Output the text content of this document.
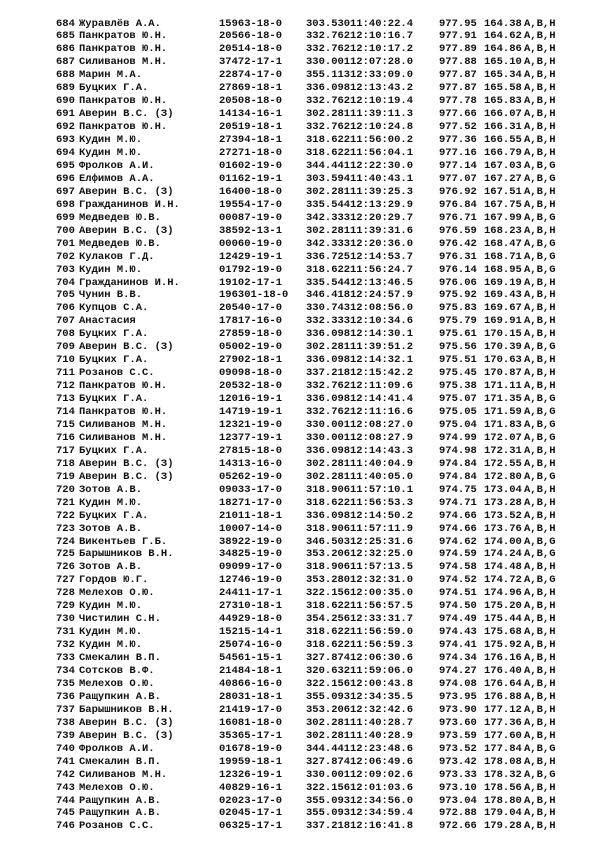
684 Журавлёв А.А.	15963-18-0 303.530 11:40:22.4 977.95 164.38 A,B,H
685 Панкратов Ю.Н.	20566-18-0 332.762 12:10:16.7 977.91 164.62 A,B,H
686 Панкратов Ю.Н.	20514-18-0 332.762 12:10:17.2 977.89 164.86 A,B,H
687 Силиванов М.Н.	37472-17-1 330.001 12:07:28.0 977.88 165.10 A,B,H
688 Марин М.А.	22874-17-0 355.113 12:33:09.0 977.87 165.34 A,B,H
689 Буцких Г.А.	27869-18-1 336.098 12:13:43.2 977.87 165.58 A,B,H
690 Панкратов Ю.Н.	20508-18-0 332.762 12:10:19.4 977.78 165.83 A,B,H
691 Аверин В.С. (З)	14134-16-1 302.281 11:39:11.3 977.66 166.07 A,B,H
692 Панкратов Ю.Н.	20519-18-1 332.762 12:10:24.8 977.52 166.31 A,B,H
693 Кудин М.Ю.	27394-18-1 318.622 11:56:00.2 977.36 166.55 A,B,H
694 Кудин М.Ю.	27271-18-0 318.622 11:56:04.1 977.16 166.79 A,B,H
695 Фролков А.И.	01602-19-0 344.441 12:22:30.0 977.14 167.03 A,B,G
696 Елфимов А.А.	01162-19-1 303.594 11:40:43.1 977.07 167.27 A,B,G
697 Аверин В.С. (З)	16400-18-0 302.281 11:39:25.3 976.92 167.51 A,B,H
698 Гражданинов И.Н.	19554-17-0 335.544 12:13:29.9 976.84 167.75 A,B,H
699 Медведев Ю.В.	00087-19-0 342.333 12:20:29.7 976.71 167.99 A,B,G
700 Аверин В.С. (З)	38592-13-1 302.281 11:39:31.6 976.59 168.23 A,B,H
701 Медведев Ю.В.	00060-19-0 342.333 12:20:36.0 976.42 168.47 A,B,G
702 Кулаков Г.Д.	12429-19-1 336.725 12:14:53.7 976.31 168.71 A,B,G
703 Кудин М.Ю.	01792-19-0 318.622 11:56:24.7 976.14 168.95 A,B,G
704 Гражданинов И.Н.	19102-17-1 335.544 12:13:46.5 976.06 169.19 A,B,H
705 Чунин В.В.	196301-18-0 346.418 12:24:57.9 975.92 169.43 A,B,H
706 Купцов С.А.	20540-17-0 330.743 12:08:56.0 975.83 169.67 A,B,H
707 Анастасия	17817-16-0 332.333 12:10:34.6 975.79 169.91 A,B,H
708 Буцких Г.А.	27859-18-0 336.098 12:14:30.1 975.61 170.15 A,B,H
709 Аверин В.С. (З)	05002-19-0 302.281 11:39:51.2 975.56 170.39 A,B,G
710 Буцких Г.А.	27902-18-1 336.098 12:14:32.1 975.51 170.63 A,B,H
711 Розанов С.С.	09098-18-0 337.218 12:15:42.2 975.45 170.87 A,B,H
712 Панкратов Ю.Н.	20532-18-0 332.762 12:11:09.6 975.38 171.11 A,B,H
713 Буцких Г.А.	12016-19-1 336.098 12:14:41.4 975.07 171.35 A,B,G
714 Панкратов Ю.Н.	14719-19-1 332.762 12:11:16.6 975.05 171.59 A,B,G
715 Силиванов М.Н.	12321-19-0 330.001 12:08:27.0 975.04 171.83 A,B,G
716 Силиванов М.Н.	12377-19-1 330.001 12:08:27.9 974.99 172.07 A,B,G
717 Буцких Г.А.	27815-18-0 336.098 12:14:43.3 974.98 172.31 A,B,H
718 Аверин В.С. (З)	14313-16-0 302.281 11:40:04.9 974.84 172.55 A,B,H
719 Аверин В.С. (З)	05262-19-0 302.281 11:40:05.0 974.84 172.80 A,B,G
720 Зотов А.В.	09033-17-0 318.906 11:57:10.1 974.75 173.04 A,B,H
721 Кудин М.Ю.	18271-17-0 318.622 11:56:53.3 974.71 173.28 A,B,H
722 Буцких Г.А.	21011-18-1 336.098 12:14:50.2 974.66 173.52 A,B,H
723 Зотов А.В.	10007-14-0 318.906 11:57:11.9 974.66 173.76 A,B,H
724 Викентьев Г.Б.	38922-19-0 346.503 12:25:31.6 974.62 174.00 A,B,G
725 Барышников В.Н.	34825-19-0 353.206 12:32:25.0 974.59 174.24 A,B,G
726 Зотов А.В.	09099-17-0 318.906 11:57:13.5 974.58 174.48 A,B,H
727 Гордов Ю.Г.	12746-19-0 353.280 12:32:31.0 974.52 174.72 A,B,G
728 Мелехов О.Ю.	24411-17-1 322.156 12:00:35.0 974.51 174.96 A,B,H
729 Кудин М.Ю.	27310-18-1 318.622 11:56:57.5 974.50 175.20 A,B,H
730 Чистилин С.Н.	44929-18-0 354.256 12:33:31.7 974.49 175.44 A,B,H
731 Кудин М.Ю.	15215-14-1 318.622 11:56:59.0 974.43 175.68 A,B,H
732 Кудин М.Ю.	25074-16-0 318.622 11:56:59.3 974.41 175.92 A,B,H
733 Смекалин В.П.	54561-15-1 327.874 12:06:30.6 974.34 176.16 A,B,H
734 Сотсков В.Ф.	21484-18-1 320.632 11:59:06.0 974.27 176.40 A,B,H
735 Мелехов О.Ю.	40866-16-0 322.156 12:00:43.8 974.08 176.64 A,B,H
736 Ращупкин А.В.	28031-18-1 355.093 12:34:35.5 973.95 176.88 A,B,H
737 Барышников В.Н.	21419-17-0 353.206 12:32:42.6 973.90 177.12 A,B,H
738 Аверин В.С. (З)	16081-18-0 302.281 11:40:28.7 973.60 177.36 A,B,H
739 Аверин В.С. (З)	35365-17-1 302.281 11:40:28.9 973.59 177.60 A,B,H
740 Фролков А.И.	01678-19-0 344.441 12:23:48.6 973.52 177.84 A,B,G
741 Смекалин В.П.	19959-18-1 327.874 12:06:49.6 973.42 178.08 A,B,H
742 Силиванов М.Н.	12326-19-1 330.001 12:09:02.6 973.33 178.32 A,B,G
743 Мелехов О.Ю.	40829-16-1 322.156 12:01:03.6 973.10 178.56 A,B,H
744 Ращупкин А.В.	02023-17-0 355.093 12:34:56.0 973.04 178.80 A,B,H
745 Ращупкин А.В.	02045-17-1 355.093 12:34:59.4 972.88 179.04 A,B,H
746 Розанов С.С.	06325-17-1 337.218 12:16:41.8 972.66 179.28 A,B,H
